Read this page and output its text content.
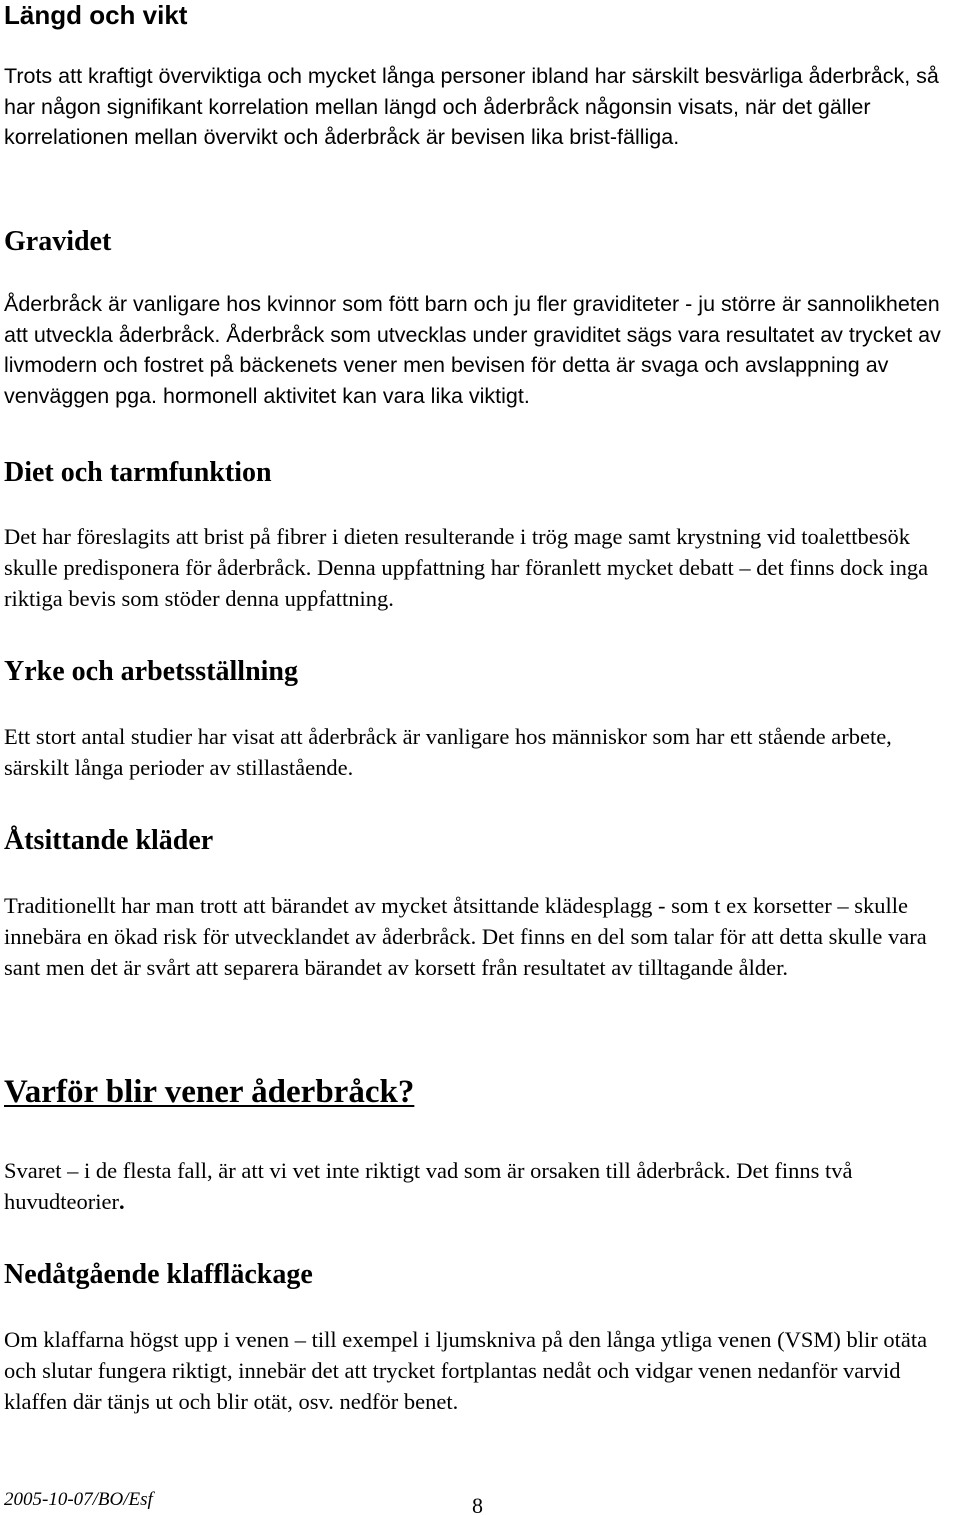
Längd och vikt

Trots att kraftigt överviktiga och mycket långa personer ibland har särskilt besvärliga åderbråck, så har någon signifikant korrelation mellan längd och åderbråck någonsin visats, när det gäller korrelationen mellan övervikt och åderbråck är bevisen lika brist-fälliga.

Gravidet

Åderbråck är vanligare hos kvinnor som fött barn och ju fler graviditeter - ju större är sannolikheten att utveckla åderbråck. Åderbråck som utvecklas under graviditet sägs vara resultatet av trycket av livmodern och fostret på bäckenets vener men bevisen för detta är svaga och avslappning av venväggen pga. hormonell aktivitet kan vara lika viktigt.

Diet och tarmfunktion

Det har föreslagits att brist på fibrer i dieten resulterande i trög mage samt krystning vid toalettbesök skulle predisponera för åderbråck. Denna uppfattning har föranlett mycket debatt – det finns dock inga riktiga bevis som stöder denna uppfattning.

Yrke och arbetsställning

Ett stort antal studier har visat att åderbråck är vanligare hos människor som har ett stående arbete, särskilt långa perioder av stillastående.

Åtsittande kläder

Traditionellt har man trott att bärandet av mycket åtsittande klädesplagg - som t ex korsetter – skulle innebära en ökad risk för utvecklandet av åderbråck. Det finns en del som talar för att detta skulle vara sant men det är svårt att separera bärandet av korsett från resultatet av tilltagande ålder.

Varför blir vener åderbråck?

Svaret – i de flesta fall, är att vi vet inte riktigt vad som är orsaken till åderbråck. Det finns två huvudteorier.

Nedåtgående klaffläckage

Om klaffarna högst upp i venen – till exempel i ljumskniva på den långa ytliga venen (VSM) blir otäta och slutar fungera riktigt, innebär det att trycket fortplantas nedåt och vidgar venen nedanför varvid klaffen där tänjs ut och blir otät, osv. nedför benet.

2005-10-07/BO/Esf	8
